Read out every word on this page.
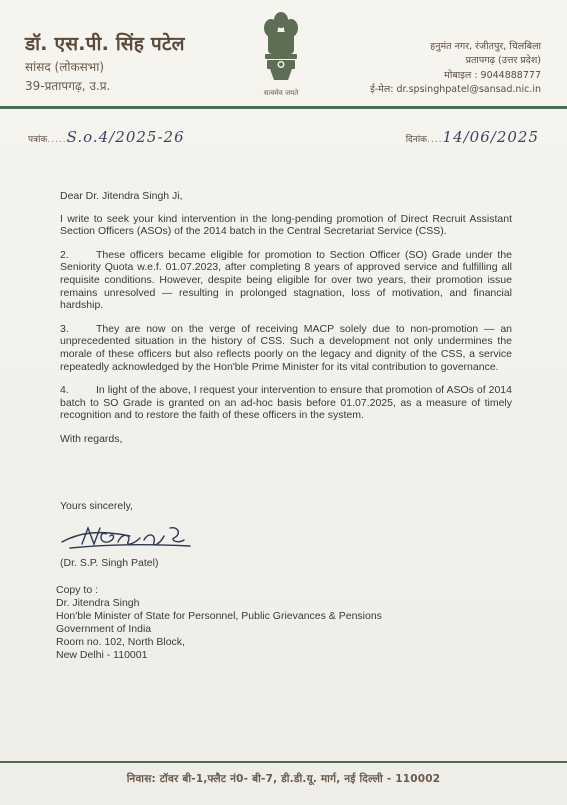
डॉ. एस.पी. सिंह पटेल
सांसद (लोकसभा)
39-प्रतापगढ़, उ.प्र.	सत्यमेव जयते
हनुमंत नगर, रंजीतपुर, चिलबिला
प्रतापगढ़ (उत्तर प्रदेश)
मोबाइल : 9044888777
ई-मेल: dr.spsinghpatel@sansad.nic.in
पत्रांक.....S.o.4/2025-26	दिनांक....14/06/2025

Dear Dr. Jitendra Singh Ji,

I write to seek your kind intervention in the long-pending promotion of Direct Recruit Assistant Section Officers (ASOs) of the 2014 batch in the Central Secretariat Service (CSS).

2.	These officers became eligible for promotion to Section Officer (SO) Grade under the Seniority Quota w.e.f. 01.07.2023, after completing 8 years of approved service and fulfilling all requisite conditions. However, despite being eligible for over two years, their promotion issue remains unresolved — resulting in prolonged stagnation, loss of motivation, and financial hardship.

3.	They are now on the verge of receiving MACP solely due to non-promotion — an unprecedented situation in the history of CSS. Such a development not only undermines the morale of these officers but also reflects poorly on the legacy and dignity of the CSS, a service repeatedly acknowledged by the Hon'ble Prime Minister for its vital contribution to governance.

4.	In light of the above, I request your intervention to ensure that promotion of ASOs of 2014 batch to SO Grade is granted on an ad-hoc basis before 01.07.2025, as a measure of timely recognition and to restore the faith of these officers in the system.

With regards,

Yours sincerely,
(Dr. S.P. Singh Patel)
Copy to :
Dr. Jitendra Singh
Hon'ble Minister of State for Personnel, Public Grievances & Pensions
Government of India
Room no. 102, North Block,
New Delhi - 110001
निवास: टॉवर बी-1,फ्लैट नं0- बी-7, डी.डी.यू. मार्ग, नई दिल्ली - 110002
